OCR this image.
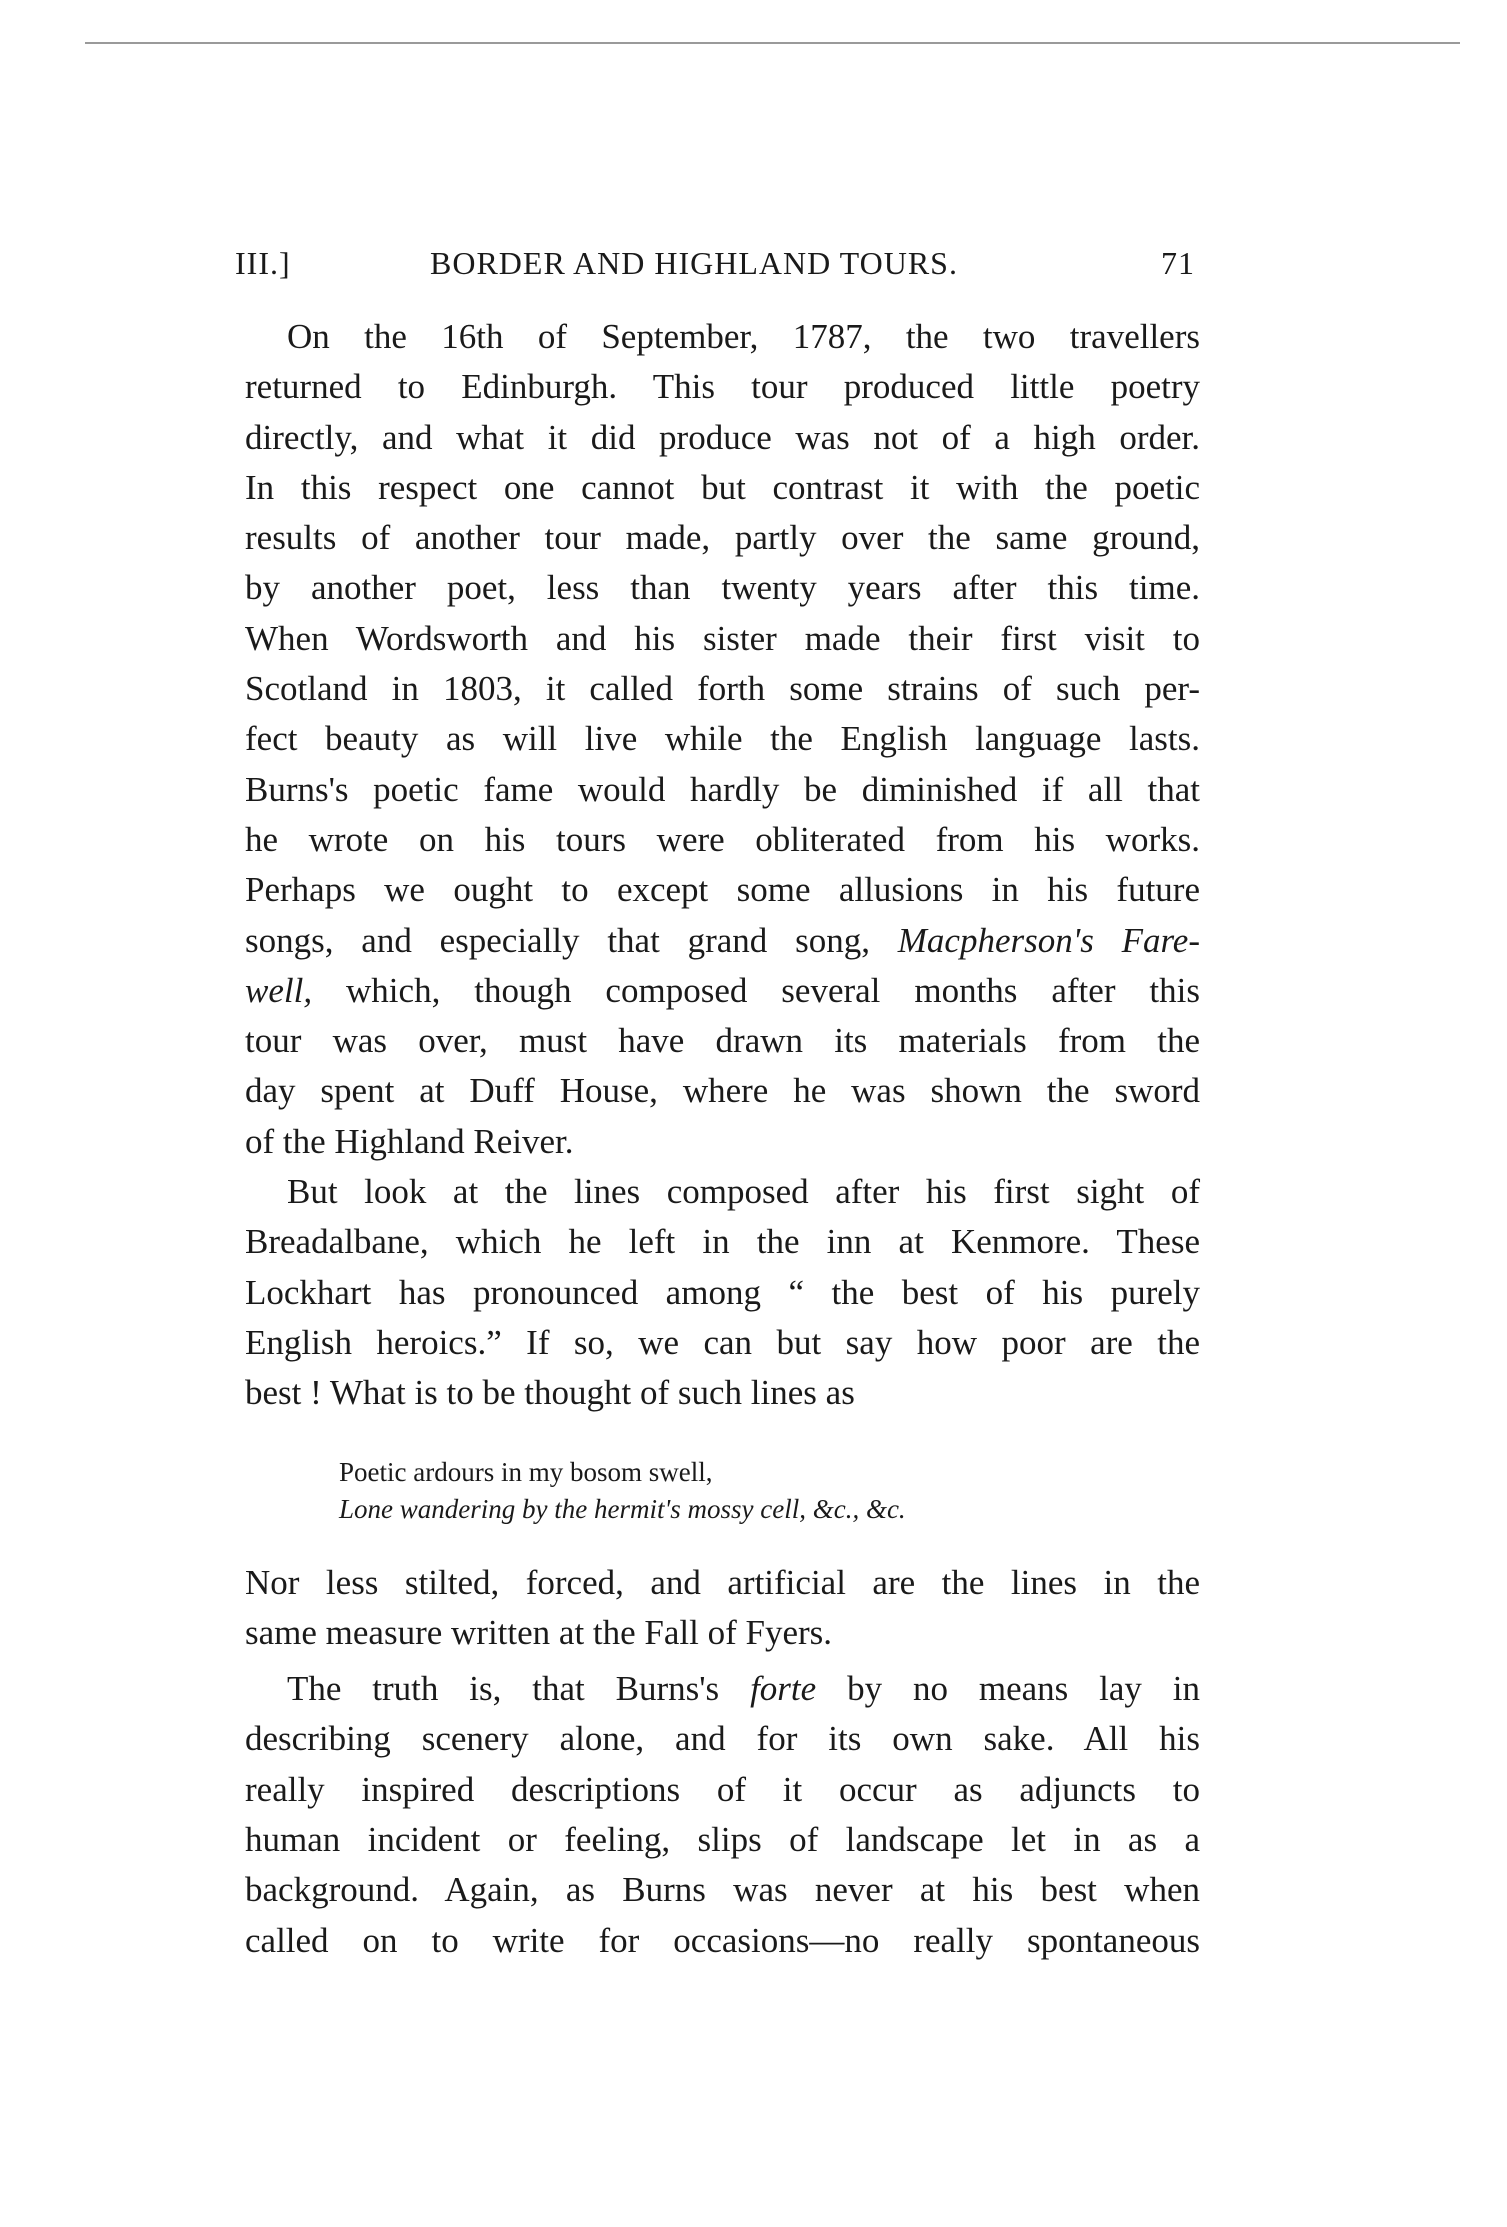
III.]	BORDER AND HIGHLAND TOURS.	71
On the 16th of September, 1787, the two travellers
returned to Edinburgh. This tour produced little poetry
directly, and what it did produce was not of a high order.
In this respect one cannot but contrast it with the poetic
results of another tour made, partly over the same ground,
by another poet, less than twenty years after this time.
When Wordsworth and his sister made their first visit to
Scotland in 1803, it called forth some strains of such per-
fect beauty as will live while the English language lasts.
Burns's poetic fame would hardly be diminished if all that
he wrote on his tours were obliterated from his works.
Perhaps we ought to except some allusions in his future
songs, and especially that grand song, Macpherson's Fare-
well, which, though composed several months after this
tour was over, must have drawn its materials from the
day spent at Duff House, where he was shown the sword
of the Highland Reiver.
But look at the lines composed after his first sight of
Breadalbane, which he left in the inn at Kenmore. These
Lockhart has pronounced among “ the best of his purely
English heroics.” If so, we can but say how poor are the
best ! What is to be thought of such lines as
Poetic ardours in my bosom swell,
Lone wandering by the hermit's mossy cell, &c., &c.
Nor less stilted, forced, and artificial are the lines in the
same measure written at the Fall of Fyers.
The truth is, that Burns's forte by no means lay in
describing scenery alone, and for its own sake. All his
really inspired descriptions of it occur as adjuncts to
human incident or feeling, slips of landscape let in as a
background. Again, as Burns was never at his best when
called on to write for occasions—no really spontaneous
